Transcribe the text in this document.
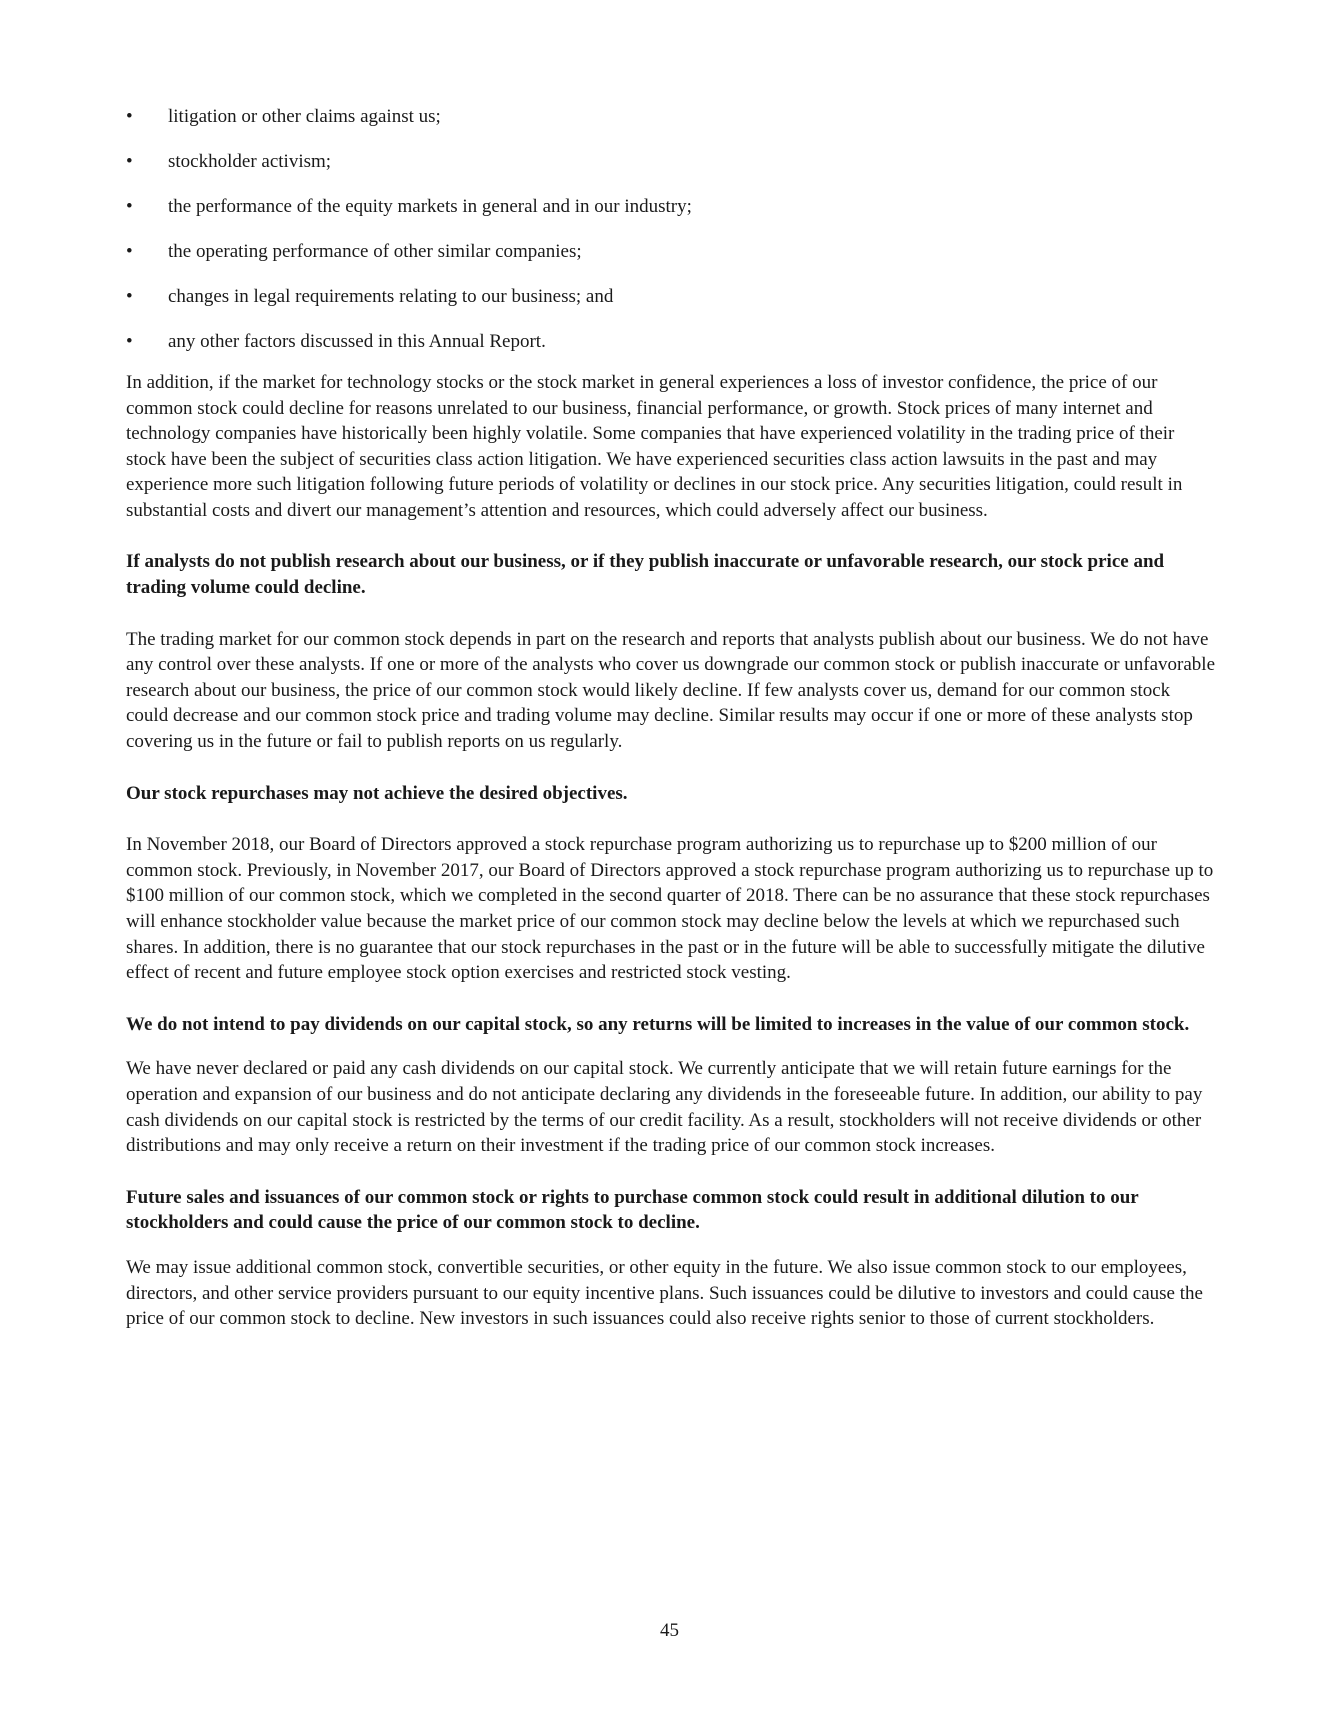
• litigation or other claims against us;
• stockholder activism;
• the performance of the equity markets in general and in our industry;
• the operating performance of other similar companies;
• changes in legal requirements relating to our business; and
• any other factors discussed in this Annual Report.

In addition, if the market for technology stocks or the stock market in general experiences a loss of investor confidence, the price of our common stock could decline for reasons unrelated to our business, financial performance, or growth. Stock prices of many internet and technology companies have historically been highly volatile. Some companies that have experienced volatility in the trading price of their stock have been the subject of securities class action litigation. We have experienced securities class action lawsuits in the past and may experience more such litigation following future periods of volatility or declines in our stock price. Any securities litigation, could result in substantial costs and divert our management’s attention and resources, which could adversely affect our business.

If analysts do not publish research about our business, or if they publish inaccurate or unfavorable research, our stock price and trading volume could decline.

The trading market for our common stock depends in part on the research and reports that analysts publish about our business. We do not have any control over these analysts. If one or more of the analysts who cover us downgrade our common stock or publish inaccurate or unfavorable research about our business, the price of our common stock would likely decline. If few analysts cover us, demand for our common stock could decrease and our common stock price and trading volume may decline. Similar results may occur if one or more of these analysts stop covering us in the future or fail to publish reports on us regularly.

Our stock repurchases may not achieve the desired objectives.

In November 2018, our Board of Directors approved a stock repurchase program authorizing us to repurchase up to $200 million of our common stock. Previously, in November 2017, our Board of Directors approved a stock repurchase program authorizing us to repurchase up to $100 million of our common stock, which we completed in the second quarter of 2018. There can be no assurance that these stock repurchases will enhance stockholder value because the market price of our common stock may decline below the levels at which we repurchased such shares. In addition, there is no guarantee that our stock repurchases in the past or in the future will be able to successfully mitigate the dilutive effect of recent and future employee stock option exercises and restricted stock vesting.

We do not intend to pay dividends on our capital stock, so any returns will be limited to increases in the value of our common stock.

We have never declared or paid any cash dividends on our capital stock. We currently anticipate that we will retain future earnings for the operation and expansion of our business and do not anticipate declaring any dividends in the foreseeable future. In addition, our ability to pay cash dividends on our capital stock is restricted by the terms of our credit facility. As a result, stockholders will not receive dividends or other distributions and may only receive a return on their investment if the trading price of our common stock increases.

Future sales and issuances of our common stock or rights to purchase common stock could result in additional dilution to our stockholders and could cause the price of our common stock to decline.

We may issue additional common stock, convertible securities, or other equity in the future. We also issue common stock to our employees, directors, and other service providers pursuant to our equity incentive plans. Such issuances could be dilutive to investors and could cause the price of our common stock to decline. New investors in such issuances could also receive rights senior to those of current stockholders.

45
